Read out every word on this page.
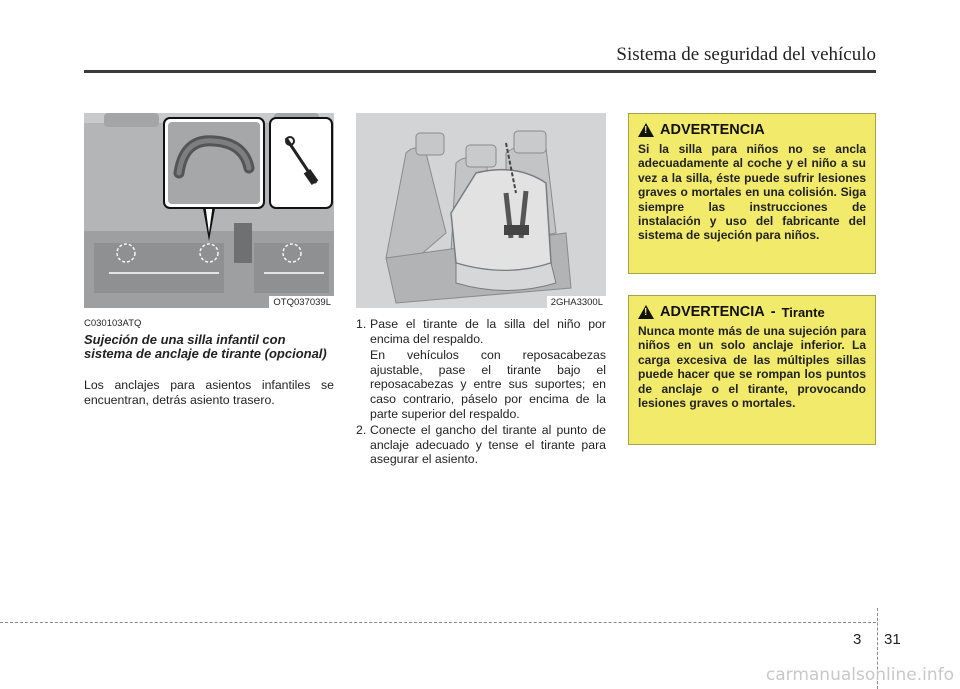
Sistema de seguridad del vehículo
OTQ037039L	2GHA3300L
C030103ATQ
Sujeción de una silla infantil con sistema de anclaje de tirante (opcional)
Los anclajes para asientos infantiles se encuentran, detrás asiento trasero.
1. Pase el tirante de la silla del niño por encima del respaldo.

En vehículos con reposacabezas ajustable, pase el tirante bajo el reposacabezas y entre sus suportes; en caso contrario, páselo por encima de la parte superior del respaldo.

2. Conecte el gancho del tirante al punto de anclaje adecuado y tense el tirante para asegurar el asiento.

!
ADVERTENCIA
Si la silla para niños no se ancla adecuadamente al coche y el niño a su vez a la silla, éste puede sufrir lesiones graves o mortales en una colisión. Siga siempre las instrucciones de instalación y uso del fabricante del sistema de sujeción para niños.
!
ADVERTENCIA - Tirante
Nunca monte más de una sujeción para niños en un solo anclaje inferior. La carga excesiva de las múltiples sillas puede hacer que se rompan los puntos de anclaje o el tirante, provocando lesiones graves o mortales.
3 31
carmanualsonline.info
